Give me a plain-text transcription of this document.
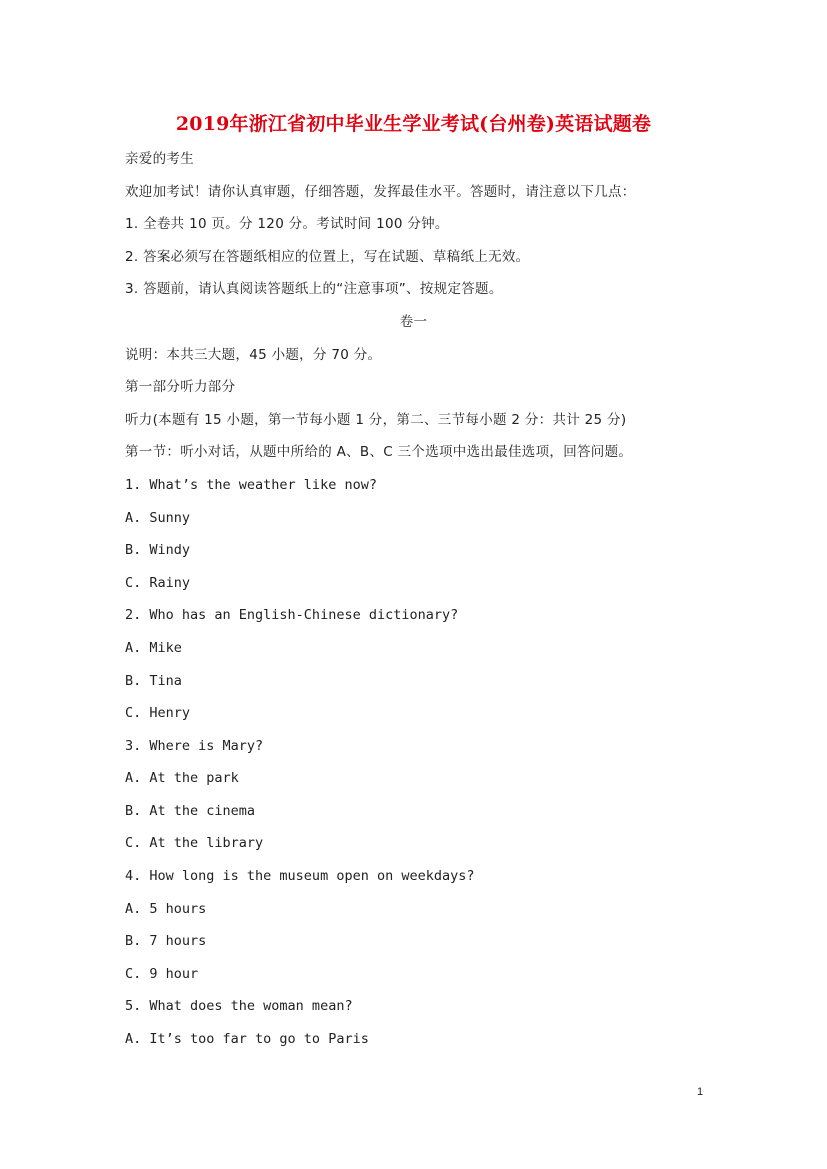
2019年浙江省初中毕业生学业考试(台州卷)英语试题卷
亲爱的考生
欢迎加考试！请你认真审题，仔细答题，发挥最佳水平。答题时，请注意以下几点：
1. 全卷共 10 页。分 120 分。考试时间 100 分钟。
2. 答案必须写在答题纸相应的位置上，写在试题、草稿纸上无效。
3. 答题前，请认真阅读答题纸上的“注意事项”、按规定答题。
卷一
说明：本共三大题，45 小题，分 70 分。
第一部分听力部分
听力(本题有 15 小题，第一节每小题 1 分，第二、三节每小题 2 分：共计 25 分)
第一节：听小对话，从题中所给的 A、B、C 三个选项中选出最佳选项，回答问题。
1. What’s the weather like now?
A. Sunny
B. Windy
C. Rainy
2. Who has an English-Chinese dictionary?
A. Mike
B. Tina
C. Henry
3. Where is Mary?
A. At the park
B. At the cinema
C. At the library
4. How long is the museum open on weekdays?
A. 5 hours
B. 7 hours
C. 9 hour
5. What does the woman mean?
A. It’s too far to go to Paris
1
